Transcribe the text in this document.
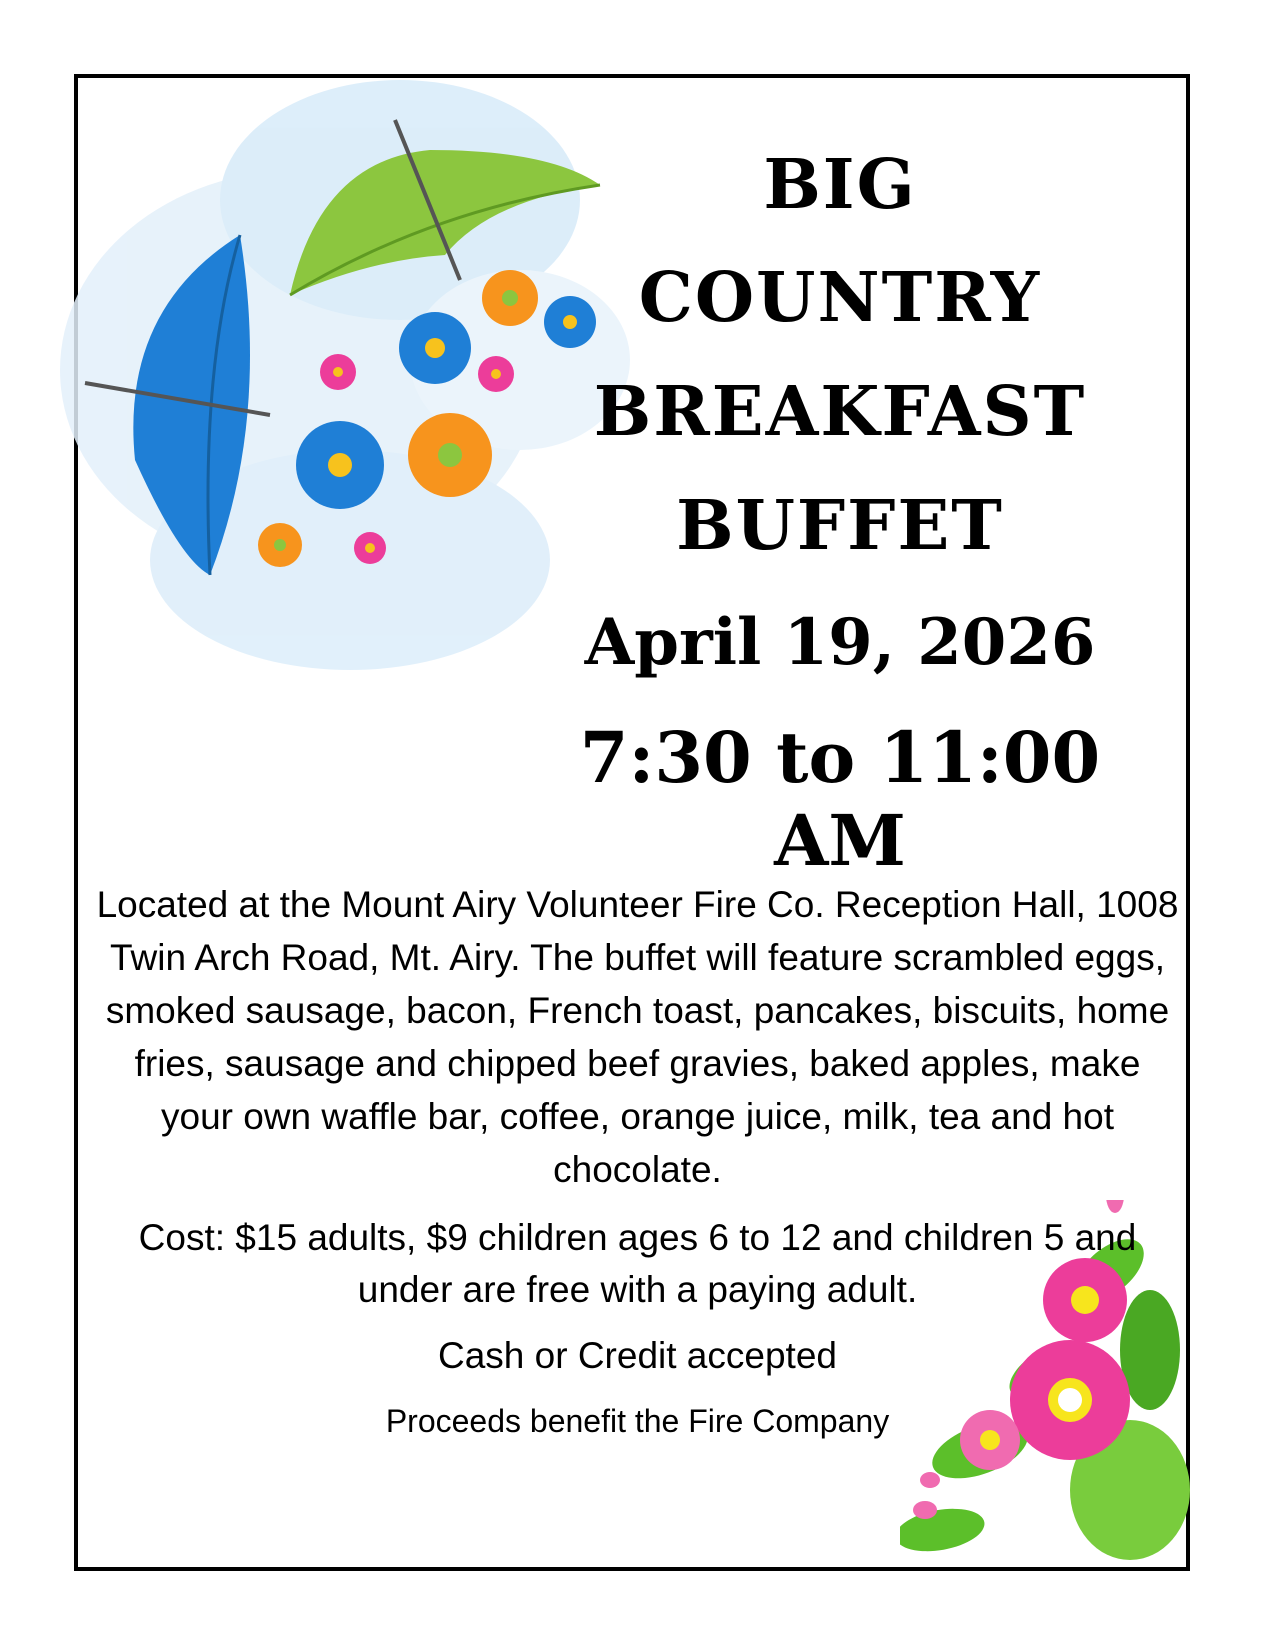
BIG
COUNTRY
BREAKFAST
BUFFET
April 19, 2026
7:30 to 11:00 AM
Located at the Mount Airy Volunteer Fire Co. Reception Hall, 1008 Twin Arch Road, Mt. Airy. The buffet will feature scrambled eggs, smoked sausage, bacon, French toast, pancakes, biscuits, home fries, sausage and chipped beef gravies, baked apples, make your own waffle bar, coffee, orange juice, milk, tea and hot chocolate.
Cost: $15 adults, $9 children ages 6 to 12 and children 5 and under are free with a paying adult.
Cash or Credit accepted
Proceeds benefit the Fire Company
